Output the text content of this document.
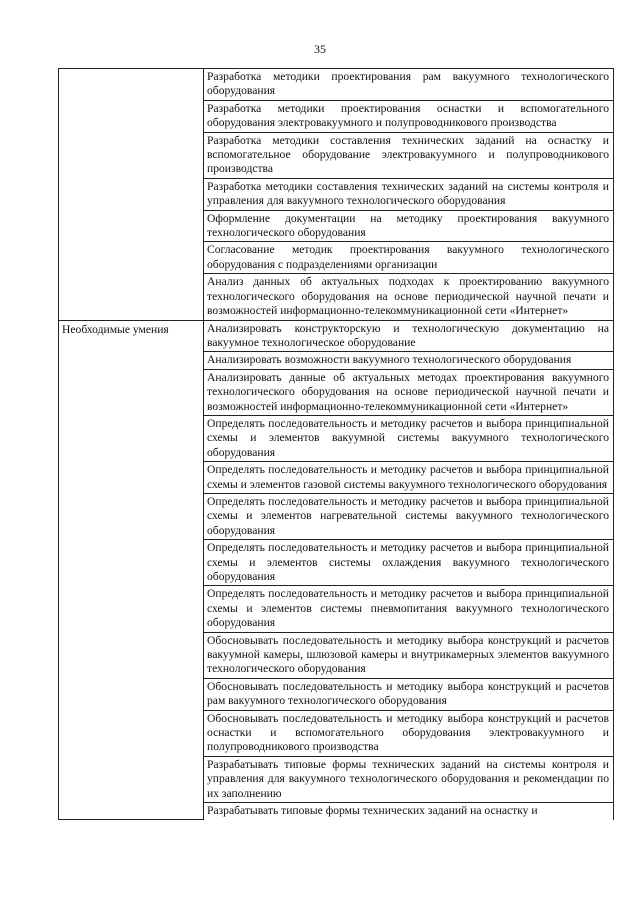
35
	Разработка методики проектирования рам вакуумного технологического оборудования
	Разработка методики проектирования оснастки и вспомогательного оборудования электровакуумного и полупроводникового производства
	Разработка методики составления технических заданий на оснастку и вспомогательное оборудование электровакуумного и полупроводникового производства
	Разработка методики составления технических заданий на системы контроля и управления для вакуумного технологического оборудования
	Оформление документации на методику проектирования вакуумного технологического оборудования
	Согласование методик проектирования вакуумного технологического оборудования с подразделениями организации
	Анализ данных об актуальных подходах к проектированию вакуумного технологического оборудования на основе периодической научной печати и возможностей информационно-телекоммуникационной сети «Интернет»
Необходимые умения	Анализировать конструкторскую и технологическую документацию на вакуумное технологическое оборудование
	Анализировать возможности вакуумного технологического оборудования
	Анализировать данные об актуальных методах проектирования вакуумного технологического оборудования на основе периодической научной печати и возможностей информационно-телекоммуникационной сети «Интернет»
	Определять последовательность и методику расчетов и выбора принципиальной схемы и элементов вакуумной системы вакуумного технологического оборудования
	Определять последовательность и методику расчетов и выбора принципиальной схемы и элементов газовой системы вакуумного технологического оборудования
	Определять последовательность и методику расчетов и выбора принципиальной схемы и элементов нагревательной системы вакуумного технологического оборудования
	Определять последовательность и методику расчетов и выбора принципиальной схемы и элементов системы охлаждения вакуумного технологического оборудования
	Определять последовательность и методику расчетов и выбора принципиальной схемы и элементов системы пневмопитания вакуумного технологического оборудования
	Обосновывать последовательность и методику выбора конструкций и расчетов вакуумной камеры, шлюзовой камеры и внутрикамерных элементов вакуумного технологического оборудования
	Обосновывать последовательность и методику выбора конструкций и расчетов рам вакуумного технологического оборудования
	Обосновывать последовательность и методику выбора конструкций и расчетов оснастки и вспомогательного оборудования электровакуумного и полупроводникового производства
	Разрабатывать типовые формы технических заданий на системы контроля и управления для вакуумного технологического оборудования и рекомендации по их заполнению
	Разрабатывать типовые формы технических заданий на оснастку и
